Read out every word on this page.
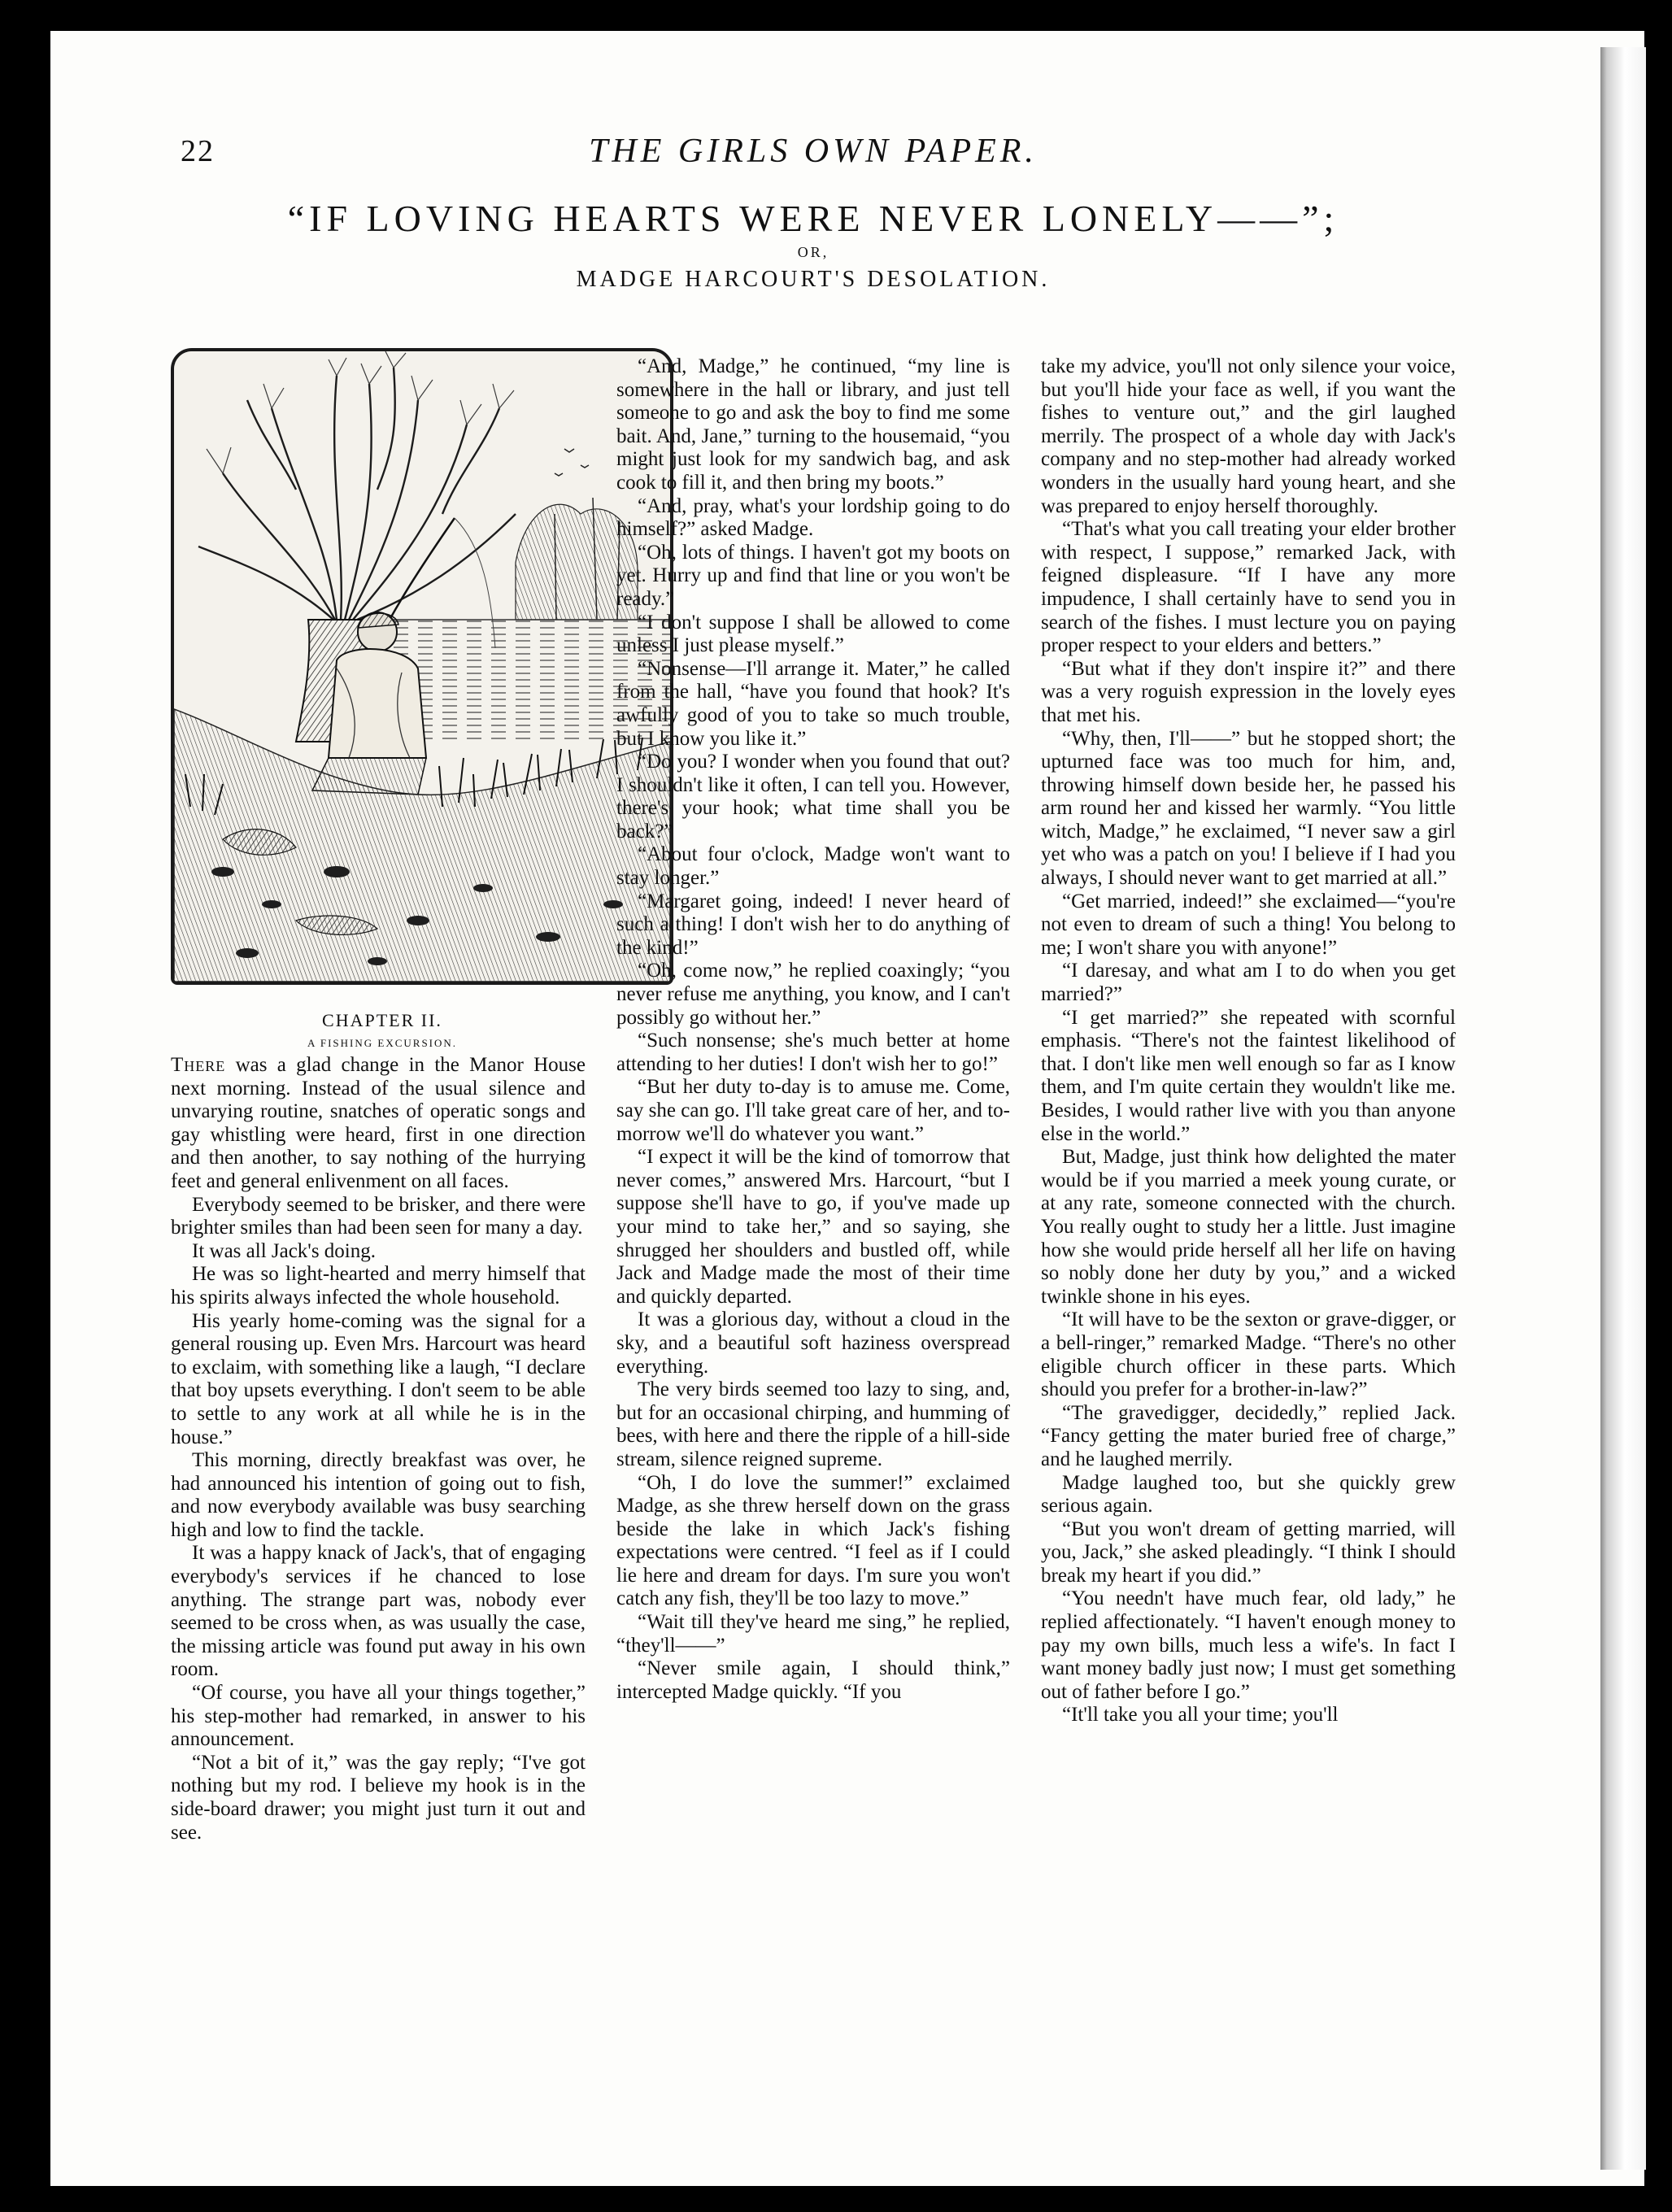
22	THE GIRLS OWN PAPER.
“IF LOVING HEARTS WERE NEVER LONELY——”;
OR,
MADGE HARCOURT'S DESOLATION.
CHAPTER II.
A FISHING EXCURSION.

There was a glad change in the Manor House next morning. Instead of the usual silence and unvarying routine, snatches of operatic songs and gay whistling were heard, first in one direction and then another, to say nothing of the hurrying feet and general enlivenment on all faces.

Everybody seemed to be brisker, and there were brighter smiles than had been seen for many a day.

It was all Jack's doing.

He was so light-hearted and merry himself that his spirits always infected the whole household.

His yearly home-coming was the signal for a general rousing up. Even Mrs. Harcourt was heard to exclaim, with something like a laugh, “I declare that boy upsets everything. I don't seem to be able to settle to any work at all while he is in the house.”

This morning, directly breakfast was over, he had announced his intention of going out to fish, and now everybody available was busy searching high and low to find the tackle.

It was a happy knack of Jack's, that of engaging everybody's services if he chanced to lose anything. The strange part was, nobody ever seemed to be cross when, as was usually the case, the missing article was found put away in his own room.

“Of course, you have all your things together,” his step-mother had remarked, in answer to his announcement.

“Not a bit of it,” was the gay reply; “I've got nothing but my rod. I believe my hook is in the side-board drawer; you might just turn it out and see.

“And, Madge,” he continued, “my line is somewhere in the hall or library, and just tell someone to go and ask the boy to find me some bait. And, Jane,” turning to the housemaid, “you might just look for my sandwich bag, and ask cook to fill it, and then bring my boots.”

“And, pray, what's your lordship going to do himself?” asked Madge.

“Oh, lots of things. I haven't got my boots on yet. Hurry up and find that line or you won't be ready.”

“I don't suppose I shall be allowed to come unless I just please myself.”

“Nonsense—I'll arrange it. Mater,” he called from the hall, “have you found that hook? It's awfully good of you to take so much trouble, but I know you like it.”

“Do you? I wonder when you found that out? I shouldn't like it often, I can tell you. However, there's your hook; what time shall you be back?”

“About four o'clock, Madge won't want to stay longer.”

“Margaret going, indeed! I never heard of such a thing! I don't wish her to do anything of the kind!”

“Oh, come now,” he replied coaxingly; “you never refuse me anything, you know, and I can't possibly go without her.”

“Such nonsense; she's much better at home attending to her duties! I don't wish her to go!”

“But her duty to-day is to amuse me. Come, say she can go. I'll take great care of her, and to-morrow we'll do whatever you want.”

“I expect it will be the kind of tomorrow that never comes,” answered Mrs. Harcourt, “but I suppose she'll have to go, if you've made up your mind to take her,” and so saying, she shrugged her shoulders and bustled off, while Jack and Madge made the most of their time and quickly departed.

It was a glorious day, without a cloud in the sky, and a beautiful soft haziness overspread everything.

The very birds seemed too lazy to sing, and, but for an occasional chirping, and humming of bees, with here and there the ripple of a hill-side stream, silence reigned supreme.

“Oh, I do love the summer!” exclaimed Madge, as she threw herself down on the grass beside the lake in which Jack's fishing expectations were centred. “I feel as if I could lie here and dream for days. I'm sure you won't catch any fish, they'll be too lazy to move.”

“Wait till they've heard me sing,” he replied, “they'll——”

“Never smile again, I should think,” intercepted Madge quickly. “If you

take my advice, you'll not only silence your voice, but you'll hide your face as well, if you want the fishes to venture out,” and the girl laughed merrily. The prospect of a whole day with Jack's company and no step-mother had already worked wonders in the usually hard young heart, and she was prepared to enjoy herself thoroughly.

“That's what you call treating your elder brother with respect, I suppose,” remarked Jack, with feigned displeasure. “If I have any more impudence, I shall certainly have to send you in search of the fishes. I must lecture you on paying proper respect to your elders and betters.”

“But what if they don't inspire it?” and there was a very roguish expression in the lovely eyes that met his.

“Why, then, I'll——” but he stopped short; the upturned face was too much for him, and, throwing himself down beside her, he passed his arm round her and kissed her warmly. “You little witch, Madge,” he exclaimed, “I never saw a girl yet who was a patch on you! I believe if I had you always, I should never want to get married at all.”

“Get married, indeed!” she exclaimed—“you're not even to dream of such a thing! You belong to me; I won't share you with anyone!”

“I daresay, and what am I to do when you get married?”

“I get married?” she repeated with scornful emphasis. “There's not the faintest likelihood of that. I don't like men well enough so far as I know them, and I'm quite certain they wouldn't like me. Besides, I would rather live with you than anyone else in the world.”

But, Madge, just think how delighted the mater would be if you married a meek young curate, or at any rate, someone connected with the church. You really ought to study her a little. Just imagine how she would pride herself all her life on having so nobly done her duty by you,” and a wicked twinkle shone in his eyes.

“It will have to be the sexton or grave-digger, or a bell-ringer,” remarked Madge. “There's no other eligible church officer in these parts. Which should you prefer for a brother-in-law?”

“The gravedigger, decidedly,” replied Jack. “Fancy getting the mater buried free of charge,” and he laughed merrily.

Madge laughed too, but she quickly grew serious again.

“But you won't dream of getting married, will you, Jack,” she asked pleadingly. “I think I should break my heart if you did.”

“You needn't have much fear, old lady,” he replied affectionately. “I haven't enough money to pay my own bills, much less a wife's. In fact I want money badly just now; I must get something out of father before I go.”

“It'll take you all your time; you'll
